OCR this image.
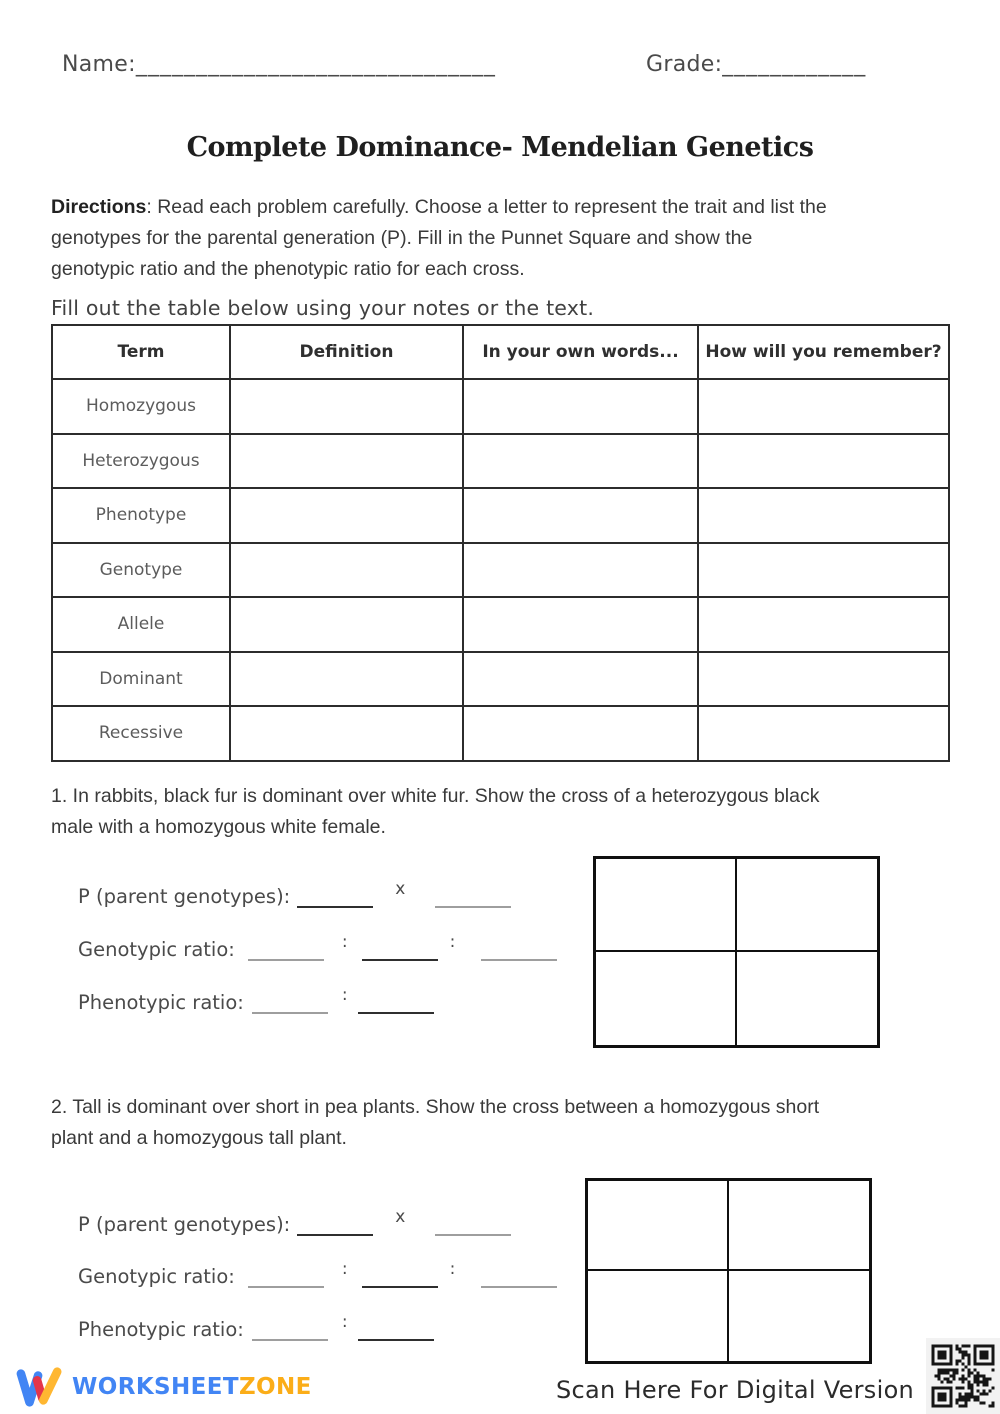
Name:______________________________	Grade:____________
Complete Dominance- Mendelian Genetics
Directions: Read each problem carefully. Choose a letter to represent the trait and list the
genotypes for the parental generation (P). Fill in the Punnet Square and show the
genotypic ratio and the phenotypic ratio for each cross.
Fill out the table below using your notes or the text.
Term	Definition	In your own words...	How will you remember?
Homozygous			
Heterozygous			
Phenotype			
Genotype			
Allele			
Dominant			
Recessive			
1. In rabbits, black fur is dominant over white fur. Show the cross of a heterozygous black
male with a homozygous white female.
P (parent genotypes):	x
Genotypic ratio:	:	:
Phenotypic ratio:	:
2. Tall is dominant over short in pea plants. Show the cross between a homozygous short
plant and a homozygous tall plant.
P (parent genotypes):	x
Genotypic ratio:	:	:
Phenotypic ratio:	:
WORKSHEETZONE	Scan Here For Digital Version
